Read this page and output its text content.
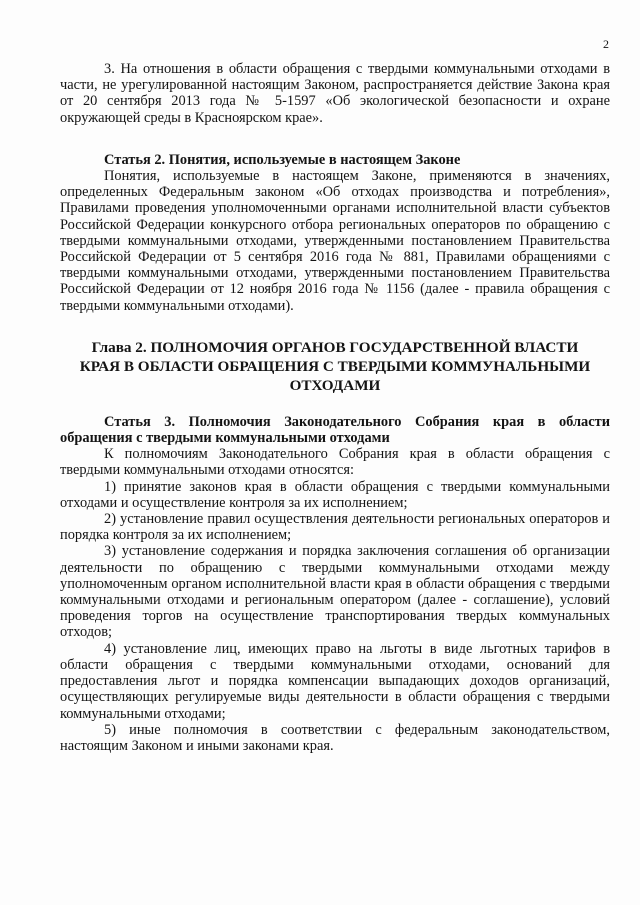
2

3. На отношения в области обращения с твердыми коммунальными отходами в части, не урегулированной настоящим Законом, распространяется действие Закона края от 20 сентября 2013 года № 5-1597 «Об экологической безопасности и охране окружающей среды в Красноярском крае».

Статья 2. Понятия, используемые в настоящем Законе

Понятия, используемые в настоящем Законе, применяются в значениях, определенных Федеральным законом «Об отходах производства и потребления», Правилами проведения уполномоченными органами исполнительной власти субъектов Российской Федерации конкурсного отбора региональных операторов по обращению с твердыми коммунальными отходами, утвержденными постановлением Правительства Российской Федерации от 5 сентября 2016 года № 881, Правилами обращениями с твердыми коммунальными отходами, утвержденными постановлением Правительства Российской Федерации от 12 ноября 2016 года № 1156 (далее - правила обращения с твердыми коммунальными отходами).

Глава 2. ПОЛНОМОЧИЯ ОРГАНОВ ГОСУДАРСТВЕННОЙ ВЛАСТИ КРАЯ В ОБЛАСТИ ОБРАЩЕНИЯ С ТВЕРДЫМИ КОММУНАЛЬНЫМИ ОТХОДАМИ

Статья 3. Полномочия Законодательного Собрания края в области обращения с твердыми коммунальными отходами

К полномочиям Законодательного Собрания края в области обращения с твердыми коммунальными отходами относятся:

1) принятие законов края в области обращения с твердыми коммунальными отходами и осуществление контроля за их исполнением;

2) установление правил осуществления деятельности региональных операторов и порядка контроля за их исполнением;

3) установление содержания и порядка заключения соглашения об организации деятельности по обращению с твердыми коммунальными отходами между уполномоченным органом исполнительной власти края в области обращения с твердыми коммунальными отходами и региональным оператором (далее - соглашение), условий проведения торгов на осуществление транспортирования твердых коммунальных отходов;

4) установление лиц, имеющих право на льготы в виде льготных тарифов в области обращения с твердыми коммунальными отходами, оснований для предоставления льгот и порядка компенсации выпадающих доходов организаций, осуществляющих регулируемые виды деятельности в области обращения с твердыми коммунальными отходами;

5) иные полномочия в соответствии с федеральным законодательством, настоящим Законом и иными законами края.
